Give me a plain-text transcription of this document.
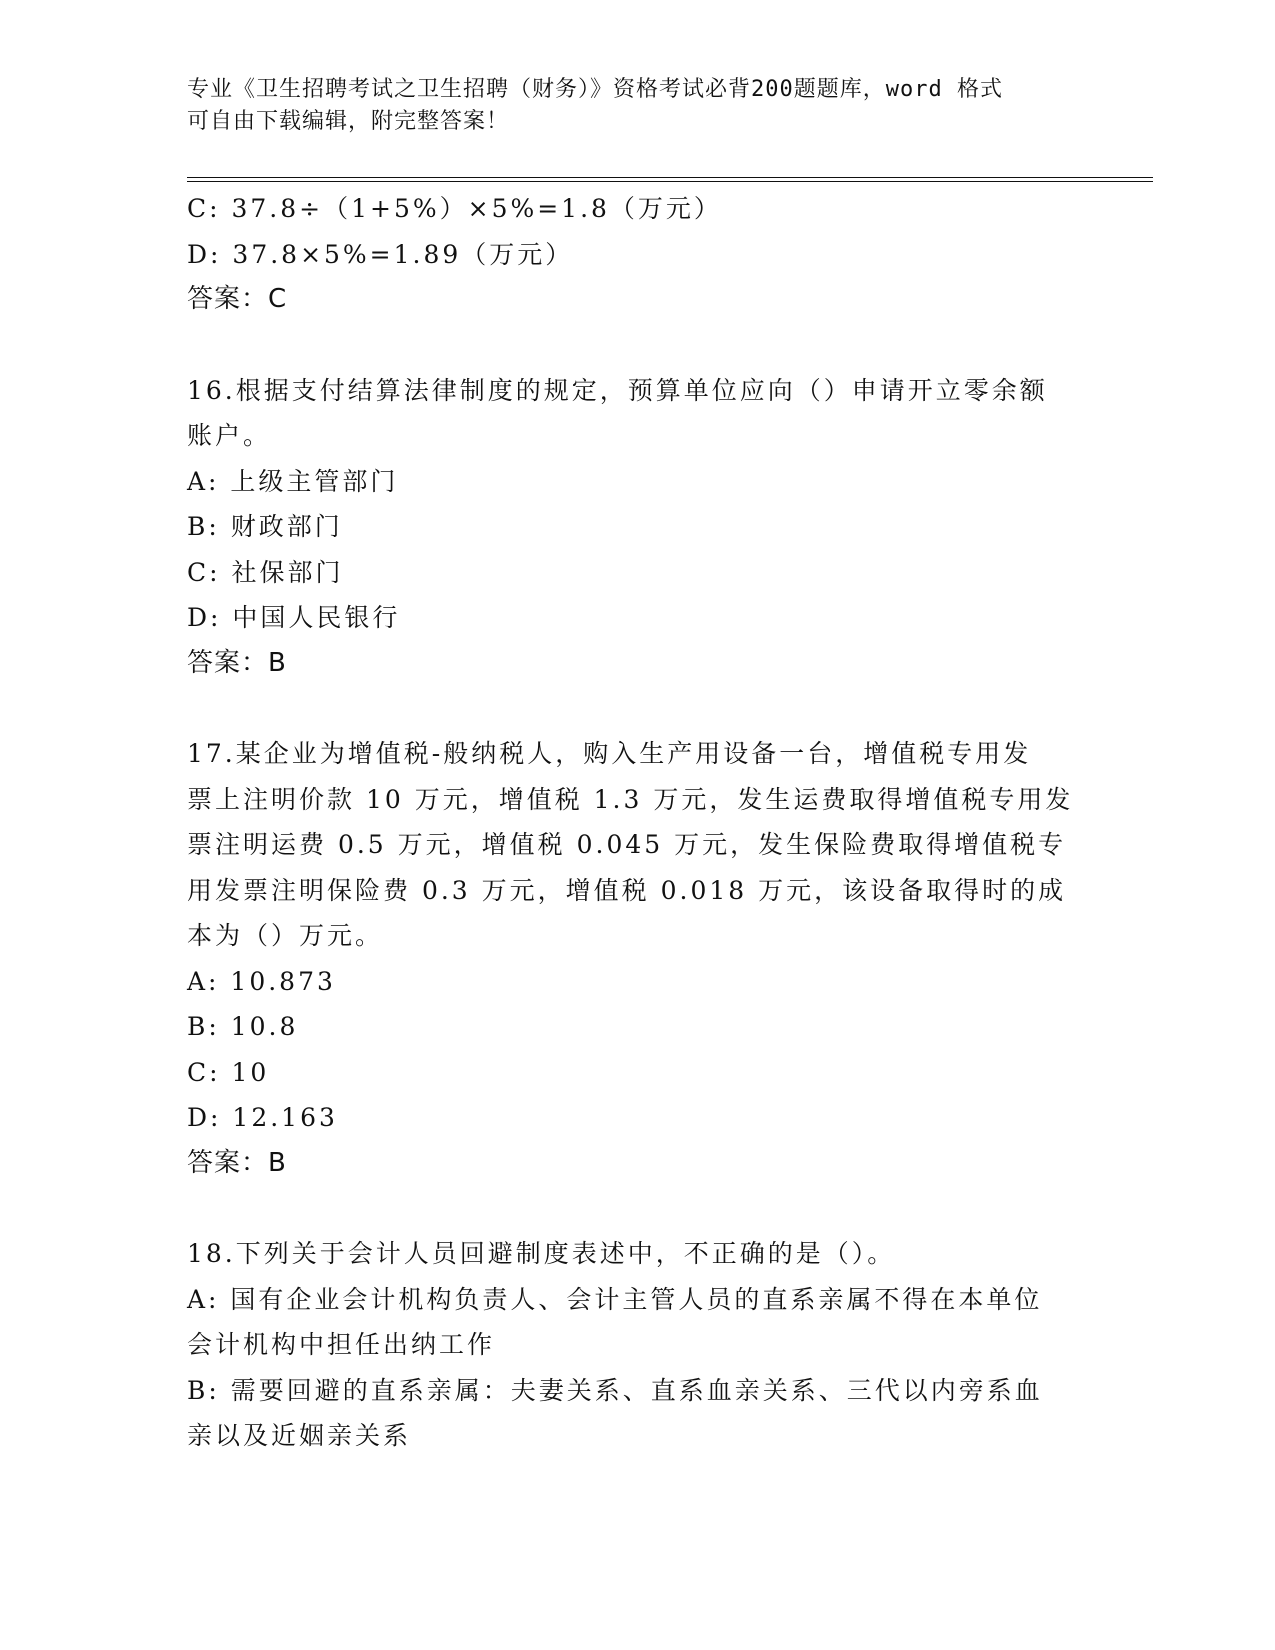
专业《卫生招聘考试之卫生招聘（财务）》资格考试必背200题题库，word 格式
可自由下载编辑，附完整答案！
C: 37.8÷（1+5%）×5%=1.8（万元）
D: 37.8×5%=1.89（万元）
答案：C
16.根据支付结算法律制度的规定，预算单位应向（）申请开立零余额
账户。
A: 上级主管部门
B: 财政部门
C: 社保部门
D: 中国人民银行
答案：B
17.某企业为增值税-般纳税人，购入生产用设备一台，增值税专用发
票上注明价款 10 万元，增值税 1.3 万元，发生运费取得增值税专用发
票注明运费 0.5 万元，增值税 0.045 万元，发生保险费取得增值税专
用发票注明保险费 0.3 万元，增值税 0.018 万元，该设备取得时的成
本为（）万元。
A: 10.873
B: 10.8
C: 10
D: 12.163
答案：B
18.下列关于会计人员回避制度表述中，不正确的是（）。
A: 国有企业会计机构负责人、会计主管人员的直系亲属不得在本单位
会计机构中担任出纳工作
B: 需要回避的直系亲属：夫妻关系、直系血亲关系、三代以内旁系血
亲以及近姻亲关系
